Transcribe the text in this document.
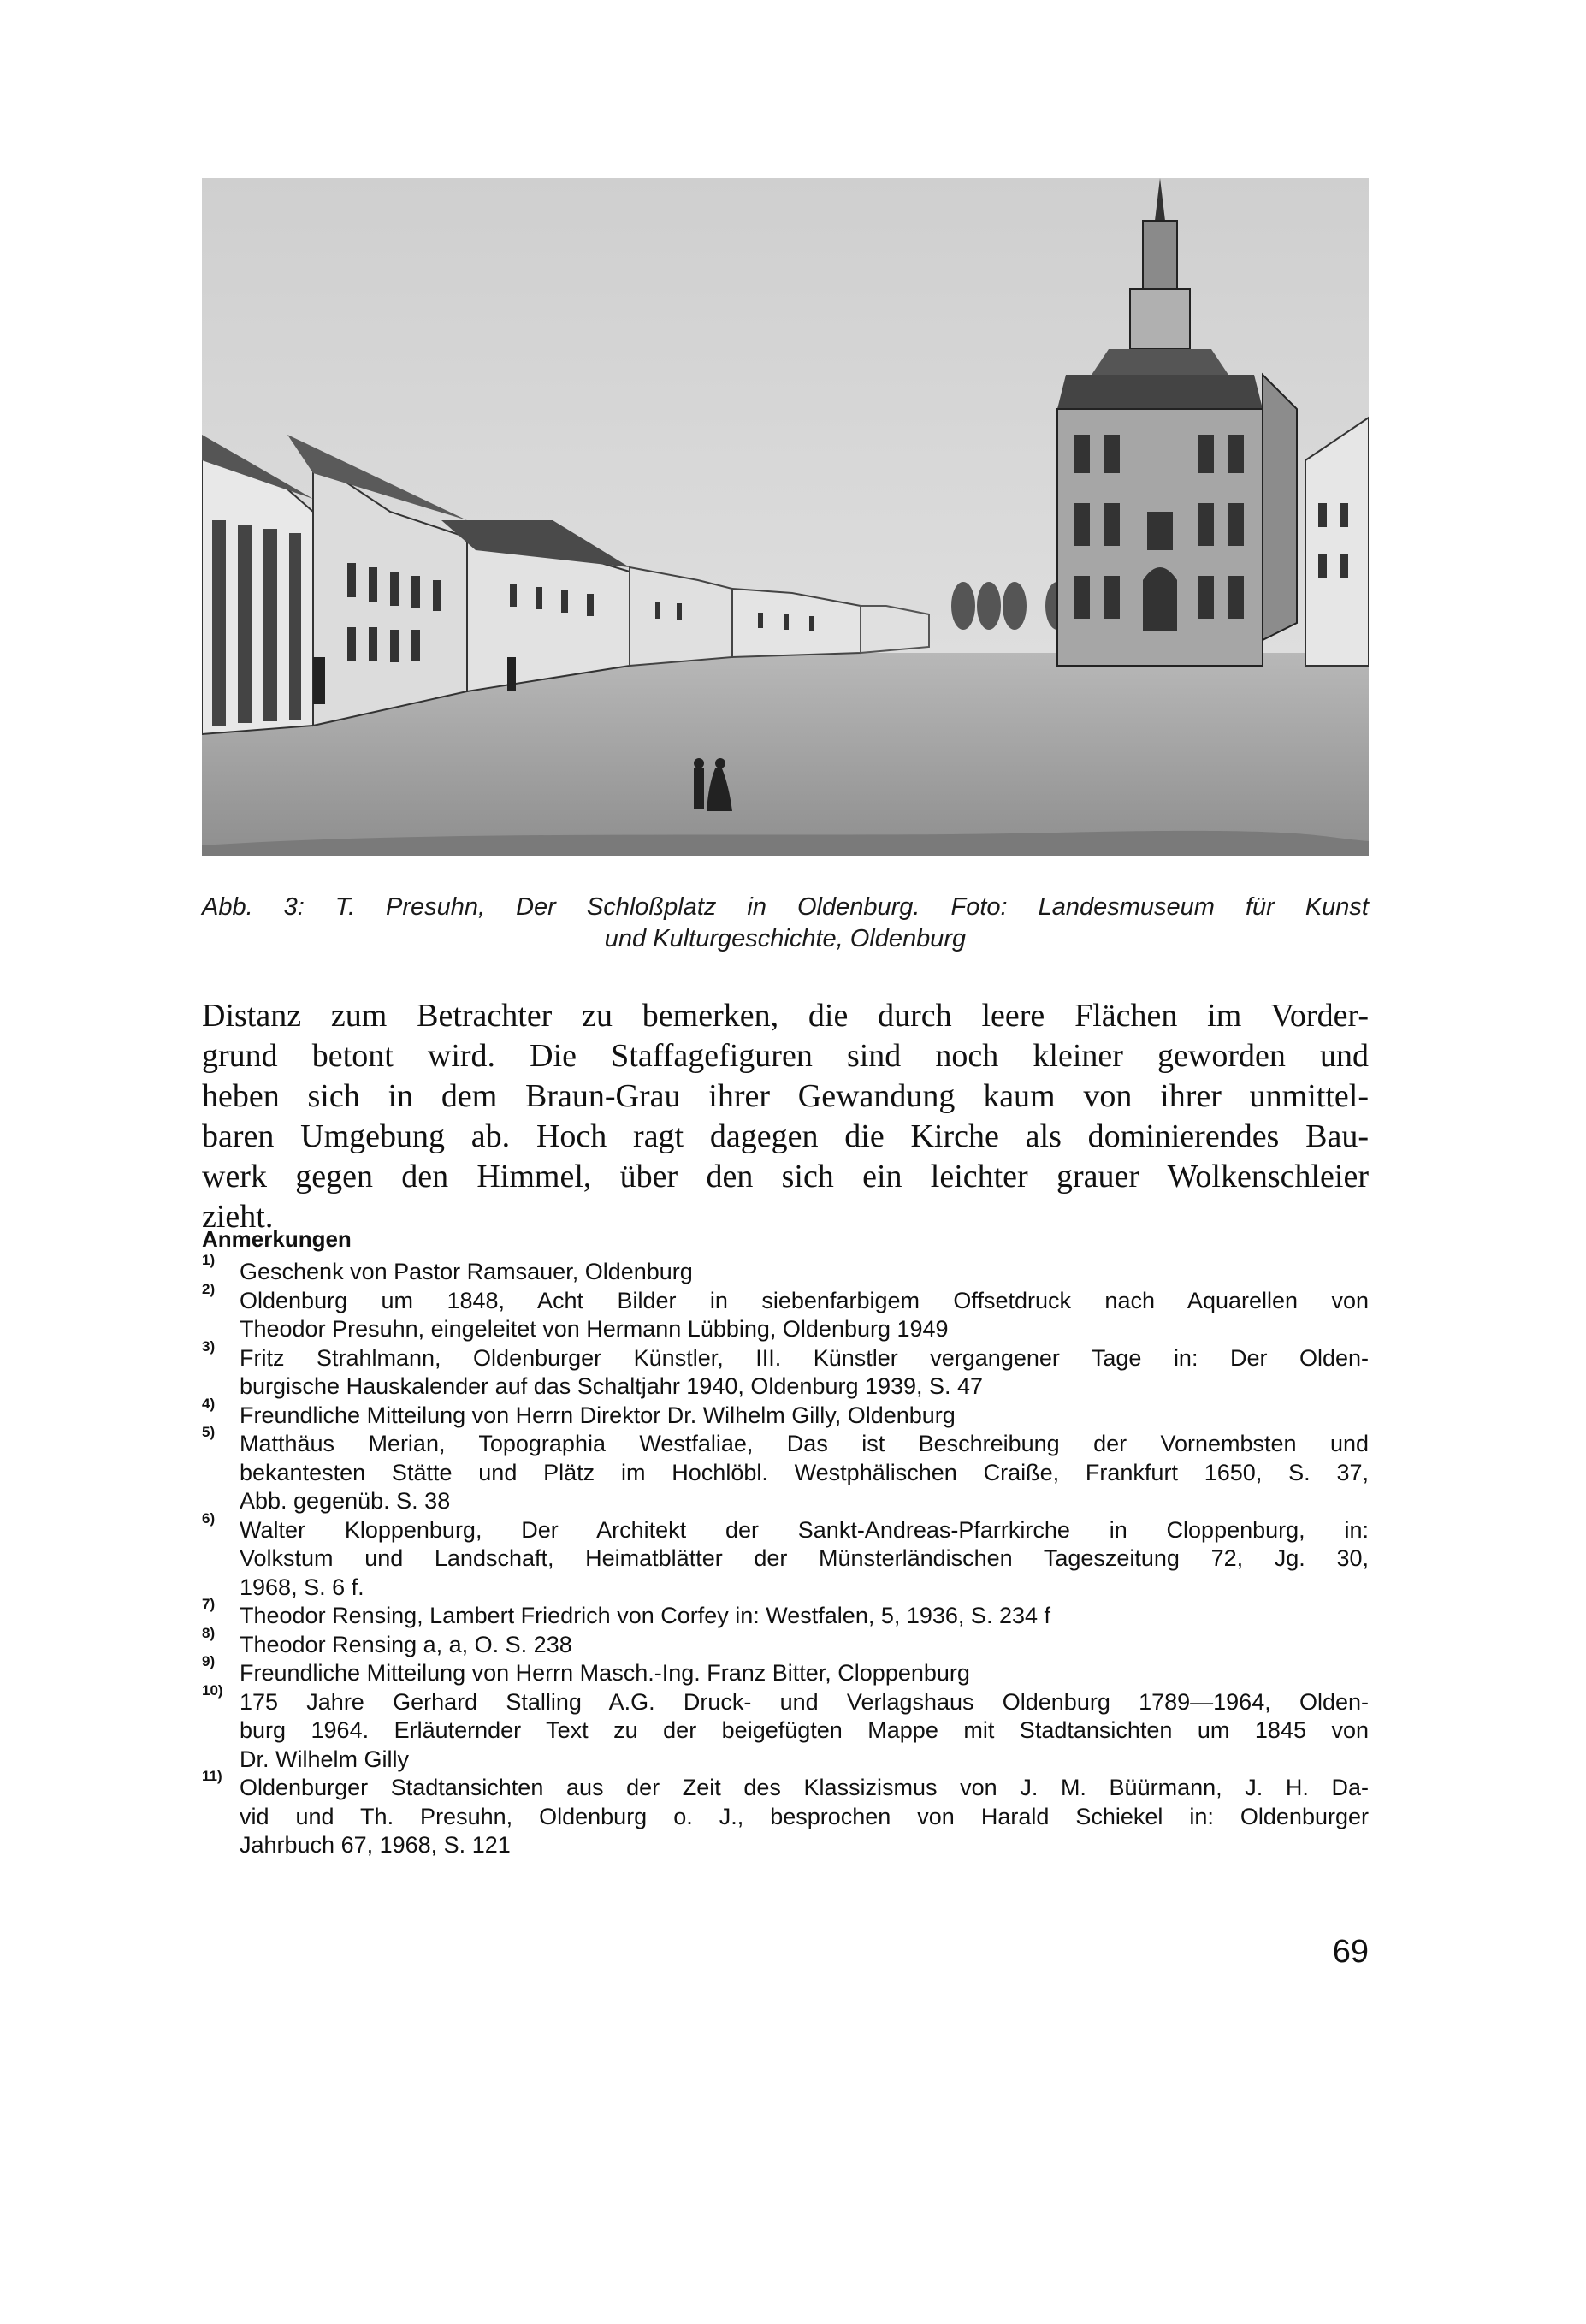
Abb. 3: T. Presuhn, Der Schloßplatz in Oldenburg. Foto: Landesmuseum für Kunst
und Kulturgeschichte, Oldenburg
Distanz zum Betrachter zu bemerken, die durch leere Flächen im Vorder-
grund betont wird. Die Staffagefiguren sind noch kleiner geworden und
heben sich in dem Braun-Grau ihrer Gewandung kaum von ihrer unmittel-
baren Umgebung ab. Hoch ragt dagegen die Kirche als dominierendes Bau-
werk gegen den Himmel, über den sich ein leichter grauer Wolkenschleier
zieht.
Anmerkungen
1) Geschenk von Pastor Ramsauer, Oldenburg
2) Oldenburg um 1848, Acht Bilder in siebenfarbigem Offsetdruck nach Aquarellen von
Theodor Presuhn, eingeleitet von Hermann Lübbing, Oldenburg 1949
3) Fritz Strahlmann, Oldenburger Künstler, III. Künstler vergangener Tage in: Der Olden-
burgische Hauskalender auf das Schaltjahr 1940, Oldenburg 1939, S. 47
4) Freundliche Mitteilung von Herrn Direktor Dr. Wilhelm Gilly, Oldenburg
5) Matthäus Merian, Topographia Westfaliae, Das ist Beschreibung der Vornembsten und
bekantesten Stätte und Plätz im Hochlöbl. Westphälischen Craiße, Frankfurt 1650, S. 37,
Abb. gegenüb. S. 38
6) Walter Kloppenburg, Der Architekt der Sankt-Andreas-Pfarrkirche in Cloppenburg, in:
Volkstum und Landschaft, Heimatblätter der Münsterländischen Tageszeitung 72, Jg. 30,
1968, S. 6 f.
7) Theodor Rensing, Lambert Friedrich von Corfey in: Westfalen, 5, 1936, S. 234 f
8) Theodor Rensing a, a, O. S. 238
9) Freundliche Mitteilung von Herrn Masch.-Ing. Franz Bitter, Cloppenburg
10) 175 Jahre Gerhard Stalling A.G. Druck- und Verlagshaus Oldenburg 1789—1964, Olden-
burg 1964. Erläuternder Text zu der beigefügten Mappe mit Stadtansichten um 1845 von
Dr. Wilhelm Gilly
11) Oldenburger Stadtansichten aus der Zeit des Klassizismus von J. M. Büürmann, J. H. Da-
vid und Th. Presuhn, Oldenburg o. J., besprochen von Harald Schiekel in: Oldenburger
Jahrbuch 67, 1968, S. 121
69
